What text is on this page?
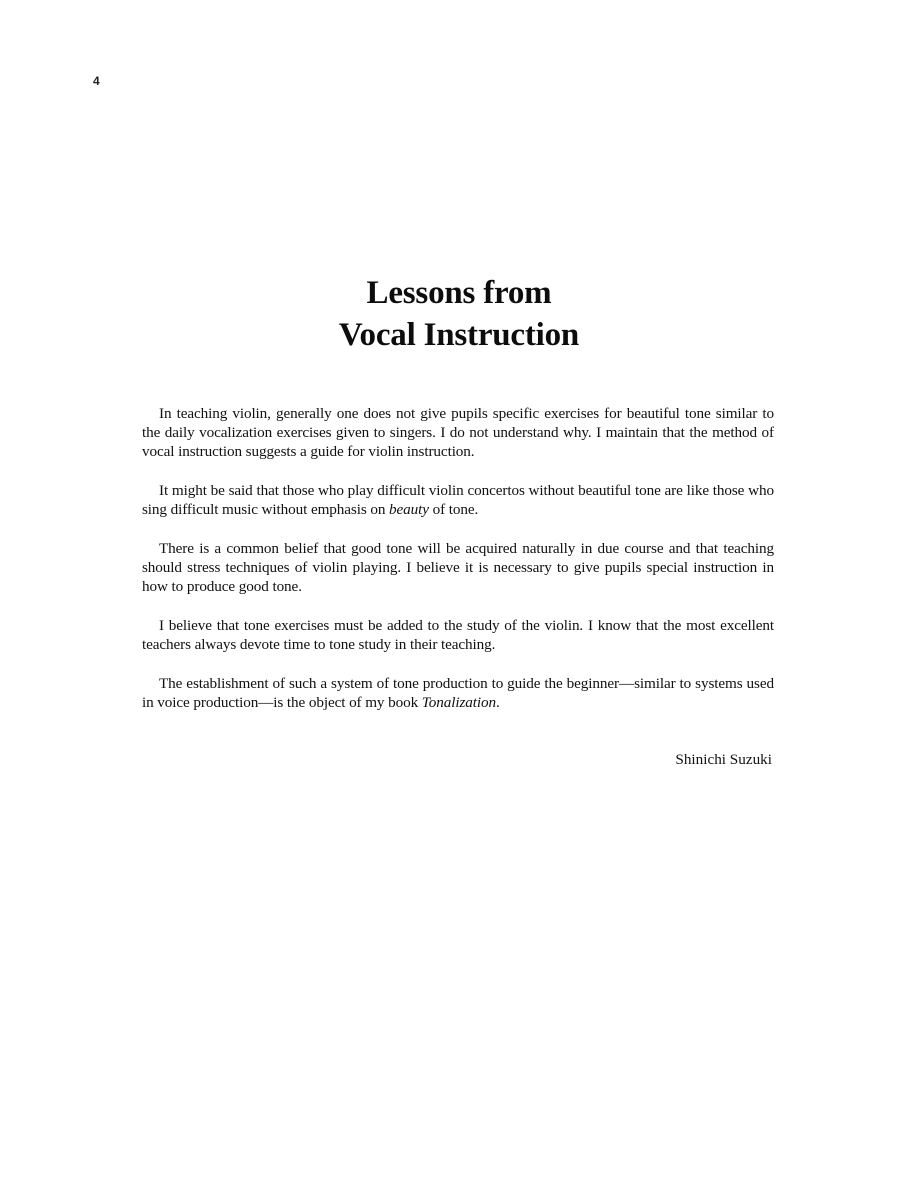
4
Lessons from
Vocal Instruction

In teaching violin, generally one does not give pupils specific exercises for beautiful tone similar to the daily vocalization exercises given to singers. I do not understand why. I maintain that the method of vocal instruction suggests a guide for violin instruction.

It might be said that those who play difficult violin concertos without beautiful tone are like those who sing difficult music without emphasis on beauty of tone.

There is a common belief that good tone will be acquired naturally in due course and that teaching should stress techniques of violin playing. I believe it is necessary to give pupils special instruction in how to produce good tone.

I believe that tone exercises must be added to the study of the violin. I know that the most excellent teachers always devote time to tone study in their teaching.

The establishment of such a system of tone production to guide the beginner—similar to systems used in voice production—is the object of my book Tonalization.

Shinichi Suzuki
